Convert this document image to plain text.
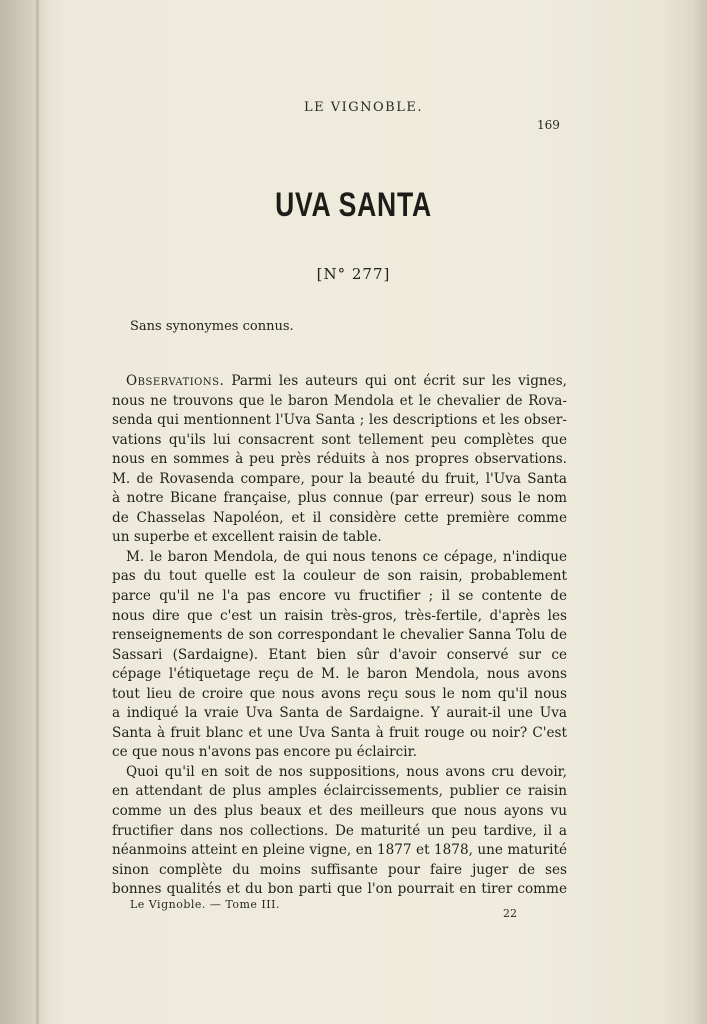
LE VIGNOBLE.
169
UVA SANTA
[N° 277]
Sans synonymes connus.

Observations. Parmi les auteurs qui ont écrit sur les vignes,
nous ne trouvons que le baron Mendola et le chevalier de Rova-
senda qui mentionnent l'Uva Santa ; les descriptions et les obser-
vations qu'ils lui consacrent sont tellement peu complètes que
nous en sommes à peu près réduits à nos propres observations.
M. de Rovasenda compare, pour la beauté du fruit, l'Uva Santa
à notre Bicane française, plus connue (par erreur) sous le nom
de Chasselas Napoléon, et il considère cette première comme
un superbe et excellent raisin de table.

M. le baron Mendola, de qui nous tenons ce cépage, n'indique
pas du tout quelle est la couleur de son raisin, probablement
parce qu'il ne l'a pas encore vu fructifier ; il se contente de
nous dire que c'est un raisin très-gros, très-fertile, d'après les
renseignements de son correspondant le chevalier Sanna Tolu de
Sassari (Sardaigne). Etant bien sûr d'avoir conservé sur ce
cépage l'étiquetage reçu de M. le baron Mendola, nous avons
tout lieu de croire que nous avons reçu sous le nom qu'il nous
a indiqué la vraie Uva Santa de Sardaigne. Y aurait-il une Uva
Santa à fruit blanc et une Uva Santa à fruit rouge ou noir? C'est
ce que nous n'avons pas encore pu éclaircir.

Quoi qu'il en soit de nos suppositions, nous avons cru devoir,
en attendant de plus amples éclaircissements, publier ce raisin
comme un des plus beaux et des meilleurs que nous ayons vu
fructifier dans nos collections. De maturité un peu tardive, il a
néanmoins atteint en pleine vigne, en 1877 et 1878, une maturité
sinon complète du moins suffisante pour faire juger de ses
bonnes qualités et du bon parti que l'on pourrait en tirer comme

Le Vignoble. — Tome III.
22
